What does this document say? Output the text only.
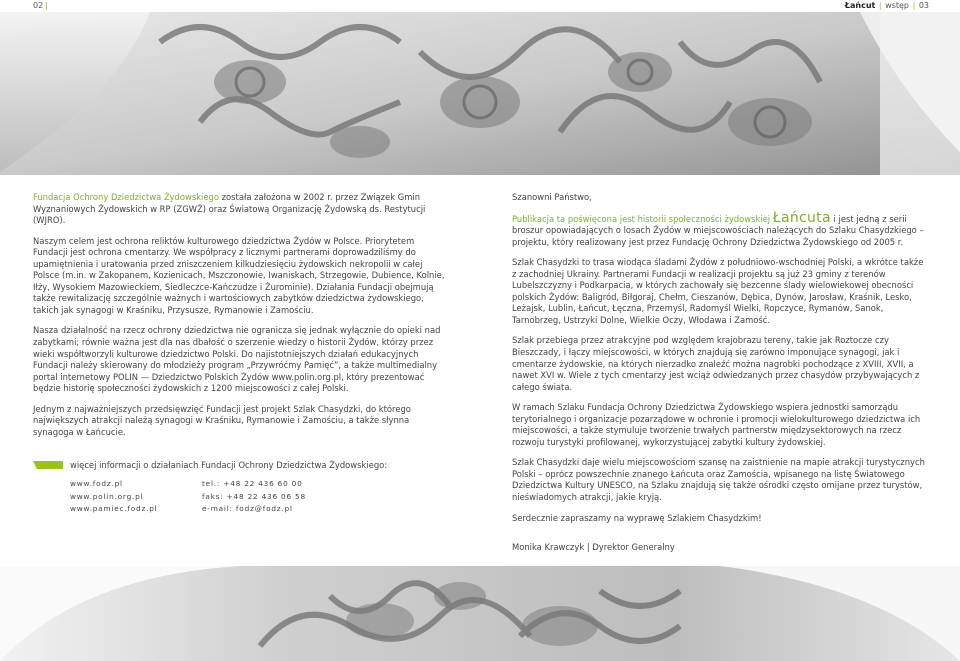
02 |	Łańcut | wstęp | 03

Fundacja Ochrony Dziedzictwa Żydowskiego została założona w 2002 r. przez Związek Gmin Wyznaniowych Żydowskich w RP (ZGWŻ) oraz Światową Organizację Żydowską ds. Restytucji (WJRO).

Naszym celem jest ochrona reliktów kulturowego dziedzictwa Żydów w Polsce. Priorytetem Fundacji jest ochrona cmentarzy. We współpracy z licznymi partnerami doprowadziliśmy do upamiętnienia i uratowania przed zniszczeniem kilkudziesięciu żydowskich nekropolii w całej Polsce (m.in. w Zakopanem, Kozienicach, Mszczonowie, Iwaniskach, Strzegowie, Dubience, Kolnie, Iłży, Wysokiem Mazowieckiem, Siedleczce-Kańczudze i Żurominie). Działania Fundacji obejmują także rewitalizację szczególnie ważnych i wartościowych zabytków dziedzictwa żydowskiego, takich jak synagogi w Kraśniku, Przysusze, Rymanowie i Zamościu.

Nasza działalność na rzecz ochrony dziedzictwa nie ogranicza się jednak wyłącznie do opieki nad zabytkami; równie ważna jest dla nas dbałość o szerzenie wiedzy o historii Żydów, którzy przez wieki współtworzyli kulturowe dziedzictwo Polski. Do najistotniejszych działań edukacyjnych Fundacji należy skierowany do młodzieży program „Przywróćmy Pamięć”, a także multimedialny portal internetowy POLIN — Dziedzictwo Polskich Żydów www.polin.org.pl, który prezentować będzie historię społeczności żydowskich z 1200 miejscowości z całej Polski.

Jednym z najważniejszych przedsięwzięć Fundacji jest projekt Szlak Chasydzki, do którego największych atrakcji należą synagogi w Kraśniku, Rymanowie i Zamościu, a także słynna synagoga w Łańcucie.

więcej informacji o działaniach Fundacji Ochrony Dziedzictwa Żydowskiego:
www.fodz.pl	tel.: +48 22 436 60 00
www.polin.org.pl	faks: +48 22 436 06 58
www.pamiec.fodz.pl	e-mail: fodz@fodz.pl

Szanowni Państwo,

Publikacja ta poświęcona jest historii społeczności żydowskiej Łańcuta i jest jedną z serii broszur opowiadających o losach Żydów w miejscowościach należących do Szlaku Chasydzkiego – projektu, który realizowany jest przez Fundację Ochrony Dziedzictwa Żydowskiego od 2005 r.

Szlak Chasydzki to trasa wiodąca śladami Żydów z południowo-wschodniej Polski, a wkrótce także z zachodniej Ukrainy. Partnerami Fundacji w realizacji projektu są już 23 gminy z terenów Lubelszczyzny i Podkarpacia, w których zachowały się bezcenne ślady wielowiekowej obecności polskich Żydów: Baligród, Biłgoraj, Chełm, Cieszanów, Dębica, Dynów, Jarosław, Kraśnik, Lesko, Leżajsk, Lublin, Łańcut, Łęczna, Przemyśl, Radomyśl Wielki, Ropczyce, Rymanów, Sanok, Tarnobrzeg, Ustrzyki Dolne, Wielkie Oczy, Włodawa i Zamość.

Szlak przebiega przez atrakcyjne pod względem krajobrazu tereny, takie jak Roztocze czy Bieszczady, i łączy miejscowości, w których znajdują się zarówno imponujące synagogi, jak i cmentarze żydowskie, na których nierzadko znaleźć można nagrobki pochodzące z XVIII, XVII, a nawet XVI w. Wiele z tych cmentarzy jest wciąż odwiedzanych przez chasydów przybywających z całego świata.

W ramach Szlaku Fundacja Ochrony Dziedzictwa Żydowskiego wspiera jednostki samorządu terytorialnego i organizacje pozarządowe w ochronie i promocji wielokulturowego dziedzictwa ich miejscowości, a także stymuluje tworzenie trwałych partnerstw międzysektorowych na rzecz rozwoju turystyki profilowanej, wykorzystującej zabytki kultury żydowskiej.

Szlak Chasydzki daje wielu miejscowościom szansę na zaistnienie na mapie atrakcji turystycznych Polski – oprócz powszechnie znanego Łańcuta oraz Zamościa, wpisanego na listę Światowego Dziedzictwa Kultury UNESCO, na Szlaku znajdują się także ośrodki często omijane przez turystów, nieświadomych atrakcji, jakie kryją.

Serdecznie zapraszamy na wyprawę Szlakiem Chasydzkim!

Monika Krawczyk | Dyrektor Generalny
